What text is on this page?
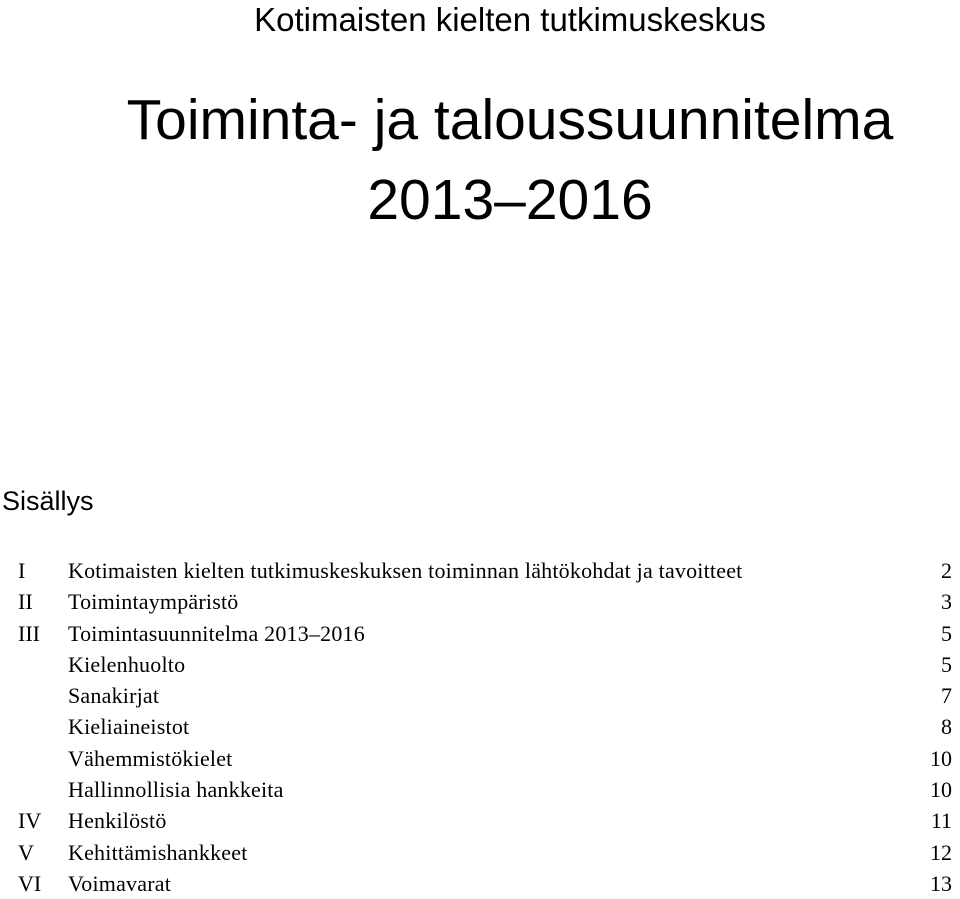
Kotimaisten kielten tutkimuskeskus
Toiminta- ja taloussuunnitelma
2013–2016
Sisällys
I Kotimaisten kielten tutkimuskeskuksen toiminnan lähtökohdat ja tavoitteet	2
II Toimintaympäristö	3
III Toimintasuunnitelma 2013–2016	5
Kielenhuolto	5
Sanakirjat	7
Kieliaineistot	8
Vähemmistökielet	10
Hallinnollisia hankkeita	10
IV Henkilöstö	11
V Kehittämishankkeet	12
VI Voimavarat	13
